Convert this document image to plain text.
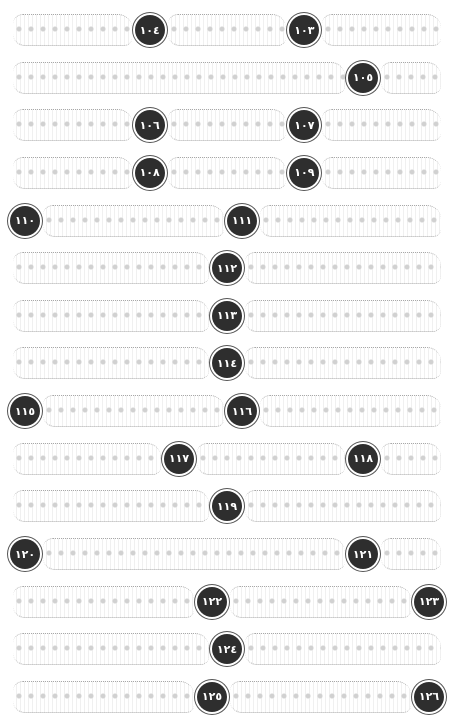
١٠٤	١٠٣
١٠٥
١٠٦	١٠٧
١٠٨	١٠٩
١١٠	١١١
١١٢
١١٣
١١٤
١١٥	١١٦
١١٧	١١٨
١١٩
١٢٠	١٢١
١٢٢	١٢٣
١٢٤
١٢٥	١٢٦
